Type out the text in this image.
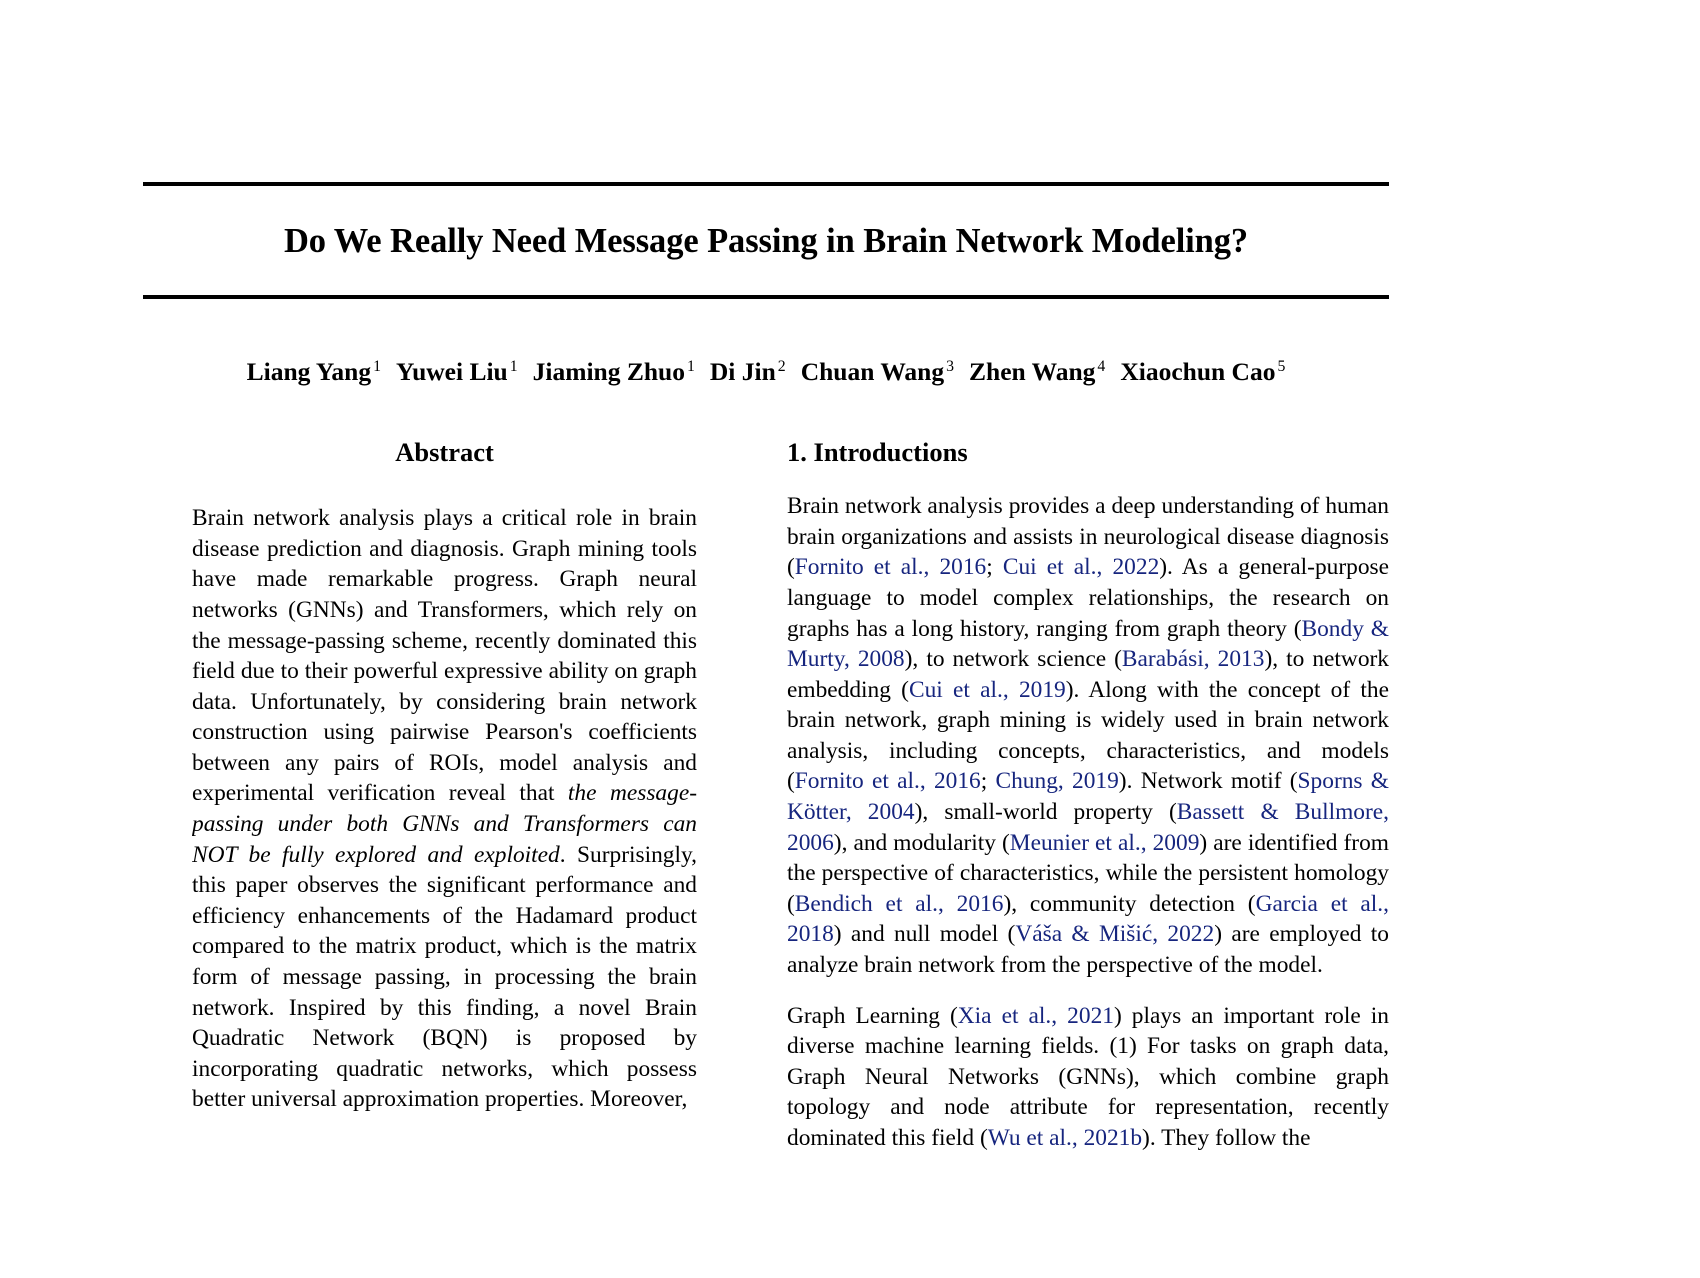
Do We Really Need Message Passing in Brain Network Modeling?
Liang Yang $^1$ Yuwei Liu $^1$ Jiaming Zhuo $^1$ Di Jin $^2$ Chuan Wang $^3$ Zhen Wang $^4$ Xiaochun Cao $^5$
Abstract
Brain network analysis plays a critical role in brain disease prediction and diagnosis. Graph mining tools have made remarkable progress. Graph neural networks (GNNs) and Transformers, which rely on the message-passing scheme, recently dominated this field due to their powerful expressive ability on graph data. Unfortunately, by considering brain network construction using pairwise Pearson's coefficients between any pairs of ROIs, model analysis and experimental verification reveal that the message-passing under both GNNs and Transformers can NOT be fully explored and exploited. Surprisingly, this paper observes the significant performance and efficiency enhancements of the Hadamard product compared to the matrix product, which is the matrix form of message passing, in processing the brain network. Inspired by this finding, a novel Brain Quadratic Network (BQN) is proposed by incorporating quadratic networks, which possess better universal approximation properties. Moreover,
1. Introductions
Brain network analysis provides a deep understanding of human brain organizations and assists in neurological disease diagnosis (Fornito et al., 2016; Cui et al., 2022). As a general-purpose language to model complex relationships, the research on graphs has a long history, ranging from graph theory (Bondy & Murty, 2008), to network science (Barabási, 2013), to network embedding (Cui et al., 2019). Along with the concept of the brain network, graph mining is widely used in brain network analysis, including concepts, characteristics, and models (Fornito et al., 2016; Chung, 2019). Network motif (Sporns & Kötter, 2004), small-world property (Bassett & Bullmore, 2006), and modularity (Meunier et al., 2009) are identified from the perspective of characteristics, while the persistent homology (Bendich et al., 2016), community detection (Garcia et al., 2018) and null model (Váša & Mišić, 2022) are employed to analyze brain network from the perspective of the model.
Graph Learning (Xia et al., 2021) plays an important role in diverse machine learning fields. (1) For tasks on graph data, Graph Neural Networks (GNNs), which combine graph topology and node attribute for representation, recently dominated this field (Wu et al., 2021b). They follow the
